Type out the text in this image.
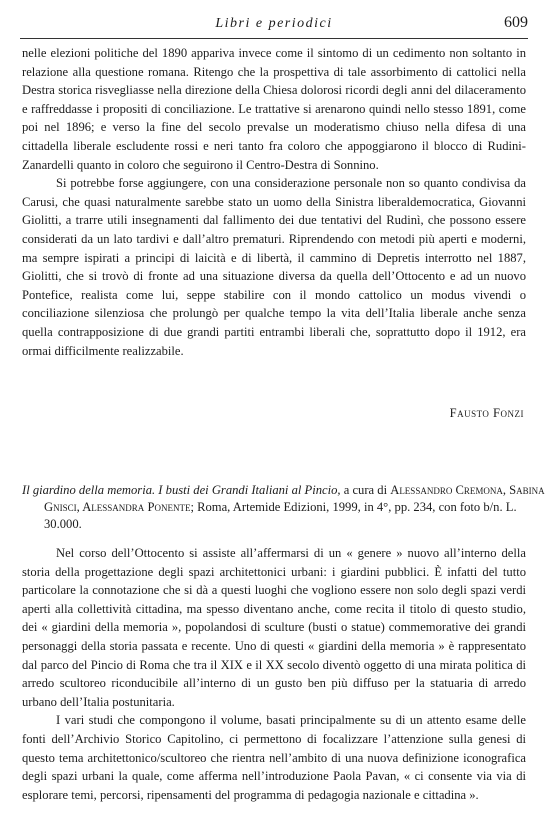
Libri e periodici	609

nelle elezioni politiche del 1890 appariva invece come il sintomo di un cedimento non soltanto in relazione alla questione romana. Ritengo che la prospettiva di tale assorbimento di cattolici nella Destra storica risvegliasse nella direzione della Chiesa dolorosi ricordi degli anni del dilaceramento e raffreddasse i propositi di conciliazione. Le trattative si arenarono quindi nello stesso 1891, come poi nel 1896; e verso la fine del secolo prevalse un moderatismo chiuso nella difesa di una cittadella liberale escludente rossi e neri tanto fra coloro che appoggiarono il blocco di Rudini-Zanardelli quanto in coloro che seguirono il Centro-Destra di Sonnino.

Si potrebbe forse aggiungere, con una considerazione personale non so quanto condivisa da Carusi, che quasi naturalmente sarebbe stato un uomo della Sinistra liberaldemocratica, Giovanni Giolitti, a trarre utili insegnamenti dal fallimento dei due tentativi del Rudinì, che possono essere considerati da un lato tardivi e dall’altro prematuri. Riprendendo con metodi più aperti e moderni, ma sempre ispirati a principi di laicità e di libertà, il cammino di Depretis interrotto nel 1887, Giolitti, che si trovò di fronte ad una situazione diversa da quella dell’Ottocento e ad un nuovo Pontefice, realista come lui, seppe stabilire con il mondo cattolico un modus vivendi o conciliazione silenziosa che prolungò per qualche tempo la vita dell’Italia liberale anche senza quella contrapposizione di due grandi partiti entrambi liberali che, soprattutto dopo il 1912, era ormai difficilmente realizzabile.

Fausto Fonzi

Il giardino della memoria. I busti dei Grandi Italiani al Pincio, a cura di Alessandro Cremona, Sabina Gnisci, Alessandra Ponente; Roma, Artemide Edizioni, 1999, in 4°, pp. 234, con foto b/n. L. 30.000.

Nel corso dell’Ottocento si assiste all’affermarsi di un « genere » nuovo all’interno della storia della progettazione degli spazi architettonici urbani: i giardini pubblici. È infatti del tutto particolare la connotazione che si dà a questi luoghi che vogliono essere non solo degli spazi verdi aperti alla collettività cittadina, ma spesso diventano anche, come recita il titolo di questo studio, dei « giardini della memoria », popolandosi di sculture (busti o statue) commemorative dei grandi personaggi della storia passata e recente. Uno di questi « giardini della memoria » è rappresentato dal parco del Pincio di Roma che tra il XIX e il XX secolo diventò oggetto di una mirata politica di arredo scultoreo riconducibile all’interno di un gusto ben più diffuso per la statuaria di arredo urbano dell’Italia postunitaria.

I vari studi che compongono il volume, basati principalmente su di un attento esame delle fonti dell’Archivio Storico Capitolino, ci permettono di focalizzare l’attenzione sulla genesi di questo tema architettonico/scultoreo che rientra nell’ambito di una nuova definizione iconografica degli spazi urbani la quale, come afferma nell’introduzione Paola Pavan, « ci consente via via di esplorare temi, percorsi, ripensamenti del programma di pedagogia nazionale e cittadina ».
